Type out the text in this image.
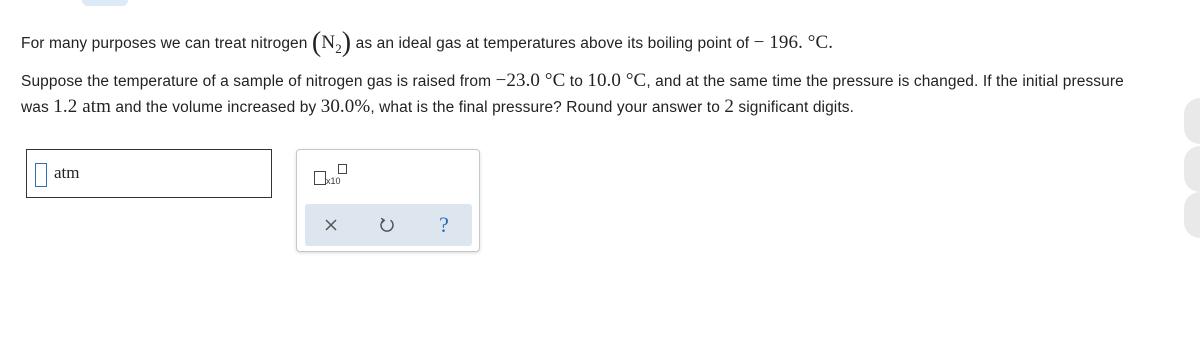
For many purposes we can treat nitrogen $(N_2)$ as an ideal gas at temperatures above its boiling point of − 196. °C.
Suppose the temperature of a sample of nitrogen gas is raised from −23.0 °C to 10.0 °C, and at the same time the pressure is changed. If the initial pressure
was 1.2 atm and the volume increased by 30.0%, what is the final pressure? Round your answer to 2 significant digits.
atm	x10
?
